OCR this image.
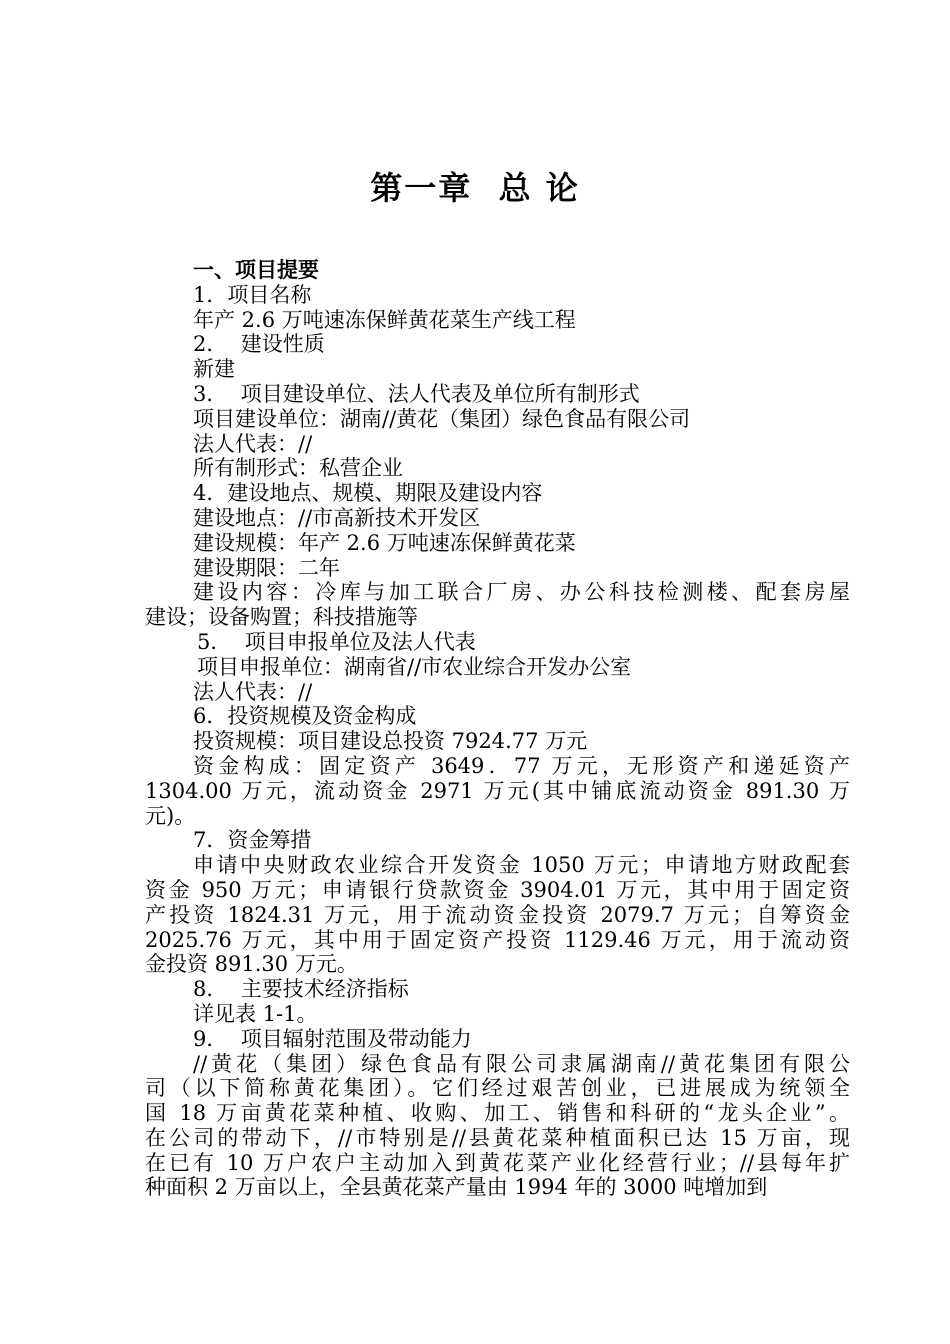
第一章  总 论
一、项目提要
1．项目名称
年产 2.6 万吨速冻保鲜黄花菜生产线工程
2．  建设性质
新建
3．  项目建设单位、法人代表及单位所有制形式
项目建设单位：湖南//黄花（集团）绿色食品有限公司
法人代表：//
所有制形式：私营企业
4．建设地点、规模、期限及建设内容
建设地点：//市高新技术开发区
建设规模：年产 2.6 万吨速冻保鲜黄花菜
建设期限：二年
建设内容：冷库与加工联合厂房、办公科技检测楼、配套房屋
建设；设备购置；科技措施等
5．  项目申报单位及法人代表
项目申报单位：湖南省//市农业综合开发办公室
法人代表：//
6．投资规模及资金构成
投资规模：项目建设总投资 7924.77 万元
资金构成：固定资产 3649．77 万元，无形资产和递延资产
1304.00 万元，流动资金 2971 万元(其中铺底流动资金 891.30 万
元)。
7．资金筹措
申请中央财政农业综合开发资金 1050 万元；申请地方财政配套
资金 950 万元；申请银行贷款资金 3904.01 万元，其中用于固定资
产投资 1824.31 万元，用于流动资金投资 2079.7 万元；自筹资金
2025.76 万元，其中用于固定资产投资 1129.46 万元，用于流动资
金投资 891.30 万元。
8．  主要技术经济指标
详见表 1-1。
9．  项目辐射范围及带动能力
//黄花（集团）绿色食品有限公司隶属湖南//黄花集团有限公
司（以下简称黄花集团）。它们经过艰苦创业，已进展成为统领全
国 18 万亩黄花菜种植、收购、加工、销售和科研的“龙头企业”。
在公司的带动下，//市特别是//县黄花菜种植面积已达 15 万亩，现
在已有 10 万户农户主动加入到黄花菜产业化经营行业；//县每年扩
种面积 2 万亩以上，全县黄花菜产量由 1994 年的 3000 吨增加到
